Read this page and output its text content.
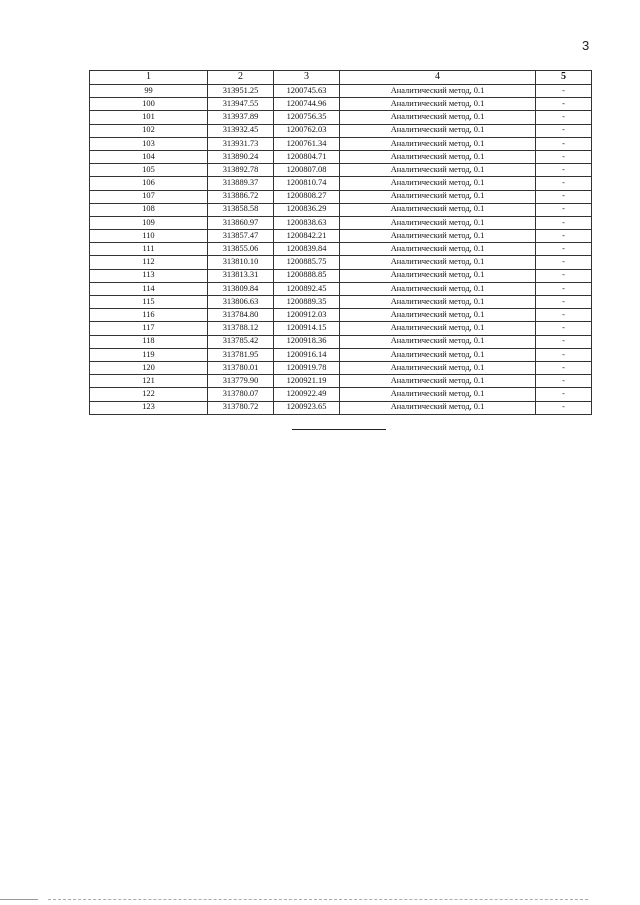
3
1	2	3	4	5
99	313951.25	1200745.63	Аналитический метод, 0.1	-
100	313947.55	1200744.96	Аналитический метод, 0.1	-
101	313937.89	1200756.35	Аналитический метод, 0.1	-
102	313932.45	1200762.03	Аналитический метод, 0.1	-
103	313931.73	1200761.34	Аналитический метод, 0.1	-
104	313890.24	1200804.71	Аналитический метод, 0.1	-
105	313892.78	1200807.08	Аналитический метод, 0.1	-
106	313889.37	1200810.74	Аналитический метод, 0.1	-
107	313886.72	1200808.27	Аналитический метод, 0.1	-
108	313858.58	1200836.29	Аналитический метод, 0.1	-
109	313860.97	1200838.63	Аналитический метод, 0.1	-
110	313857.47	1200842.21	Аналитический метод, 0.1	-
111	313855.06	1200839.84	Аналитический метод, 0.1	-
112	313810.10	1200885.75	Аналитический метод, 0.1	-
113	313813.31	1200888.85	Аналитический метод, 0.1	-
114	313809.84	1200892.45	Аналитический метод, 0.1	-
115	313806.63	1200889.35	Аналитический метод, 0.1	-
116	313784.80	1200912.03	Аналитический метод, 0.1	-
117	313788.12	1200914.15	Аналитический метод, 0.1	-
118	313785.42	1200918.36	Аналитический метод, 0.1	-
119	313781.95	1200916.14	Аналитический метод, 0.1	-
120	313780.01	1200919.78	Аналитический метод, 0.1	-
121	313779.90	1200921.19	Аналитический метод, 0.1	-
122	313780.07	1200922.49	Аналитический метод, 0.1	-
123	313780.72	1200923.65	Аналитический метод, 0.1	-
